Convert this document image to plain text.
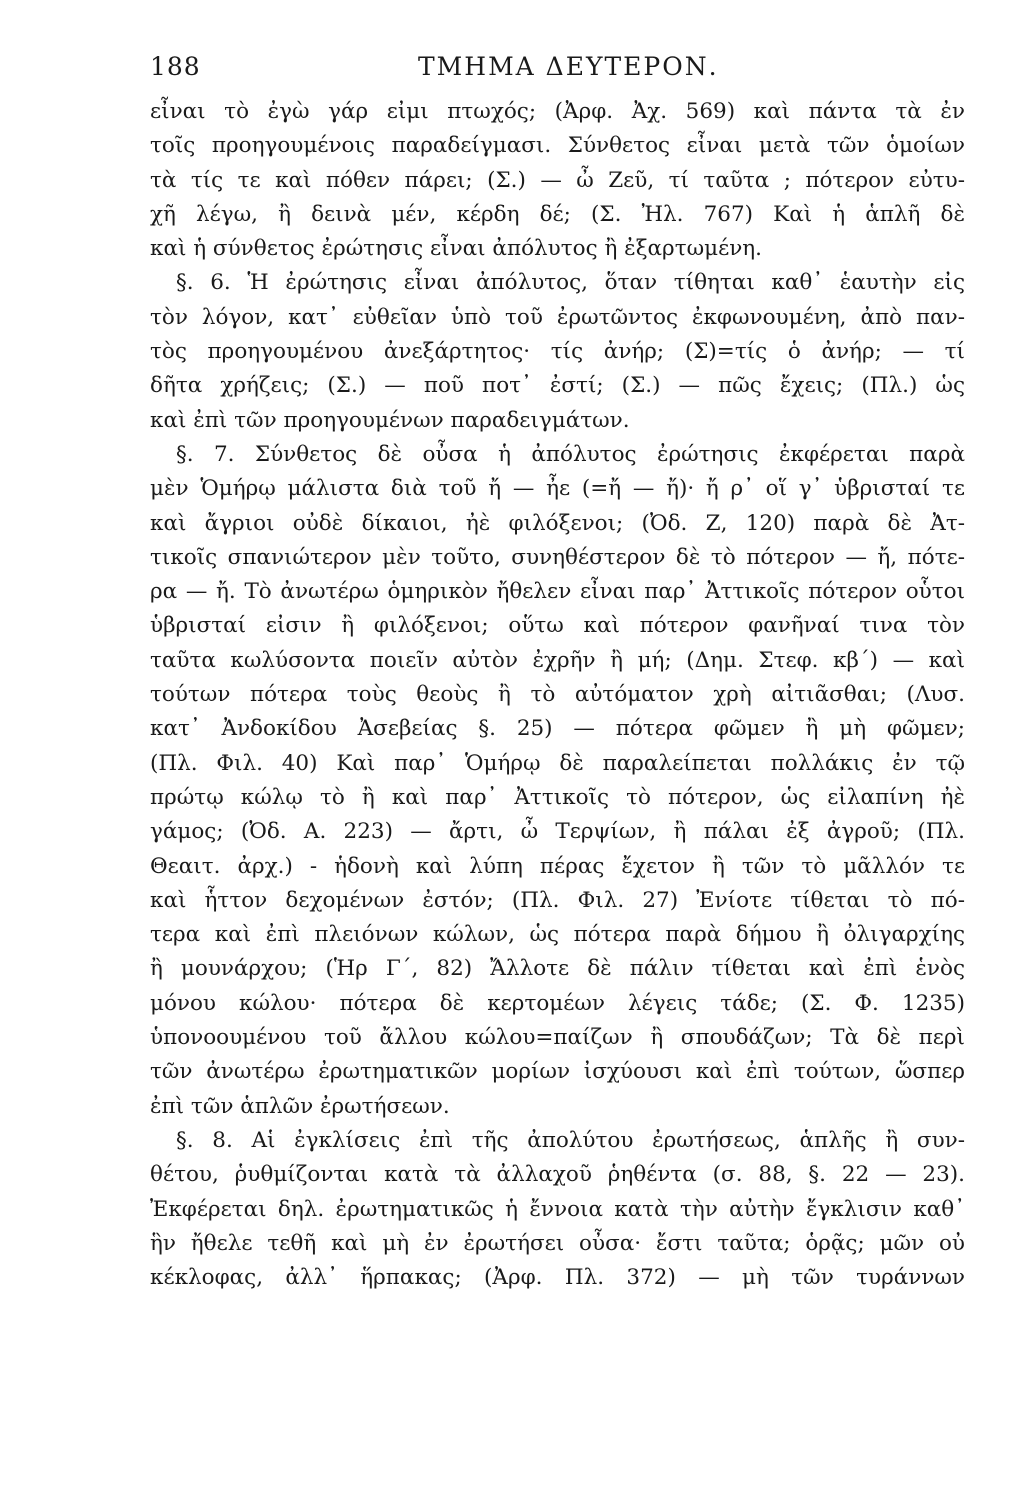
188	ΤΜΗΜΑ ΔΕΥΤΕΡΟΝ.
εἶναι τὸ ἐγὼ γάρ εἰμι πτωχός; (Ἀρφ. Ἀχ. 569) καὶ πάντα τὰ ἐν
τοῖς προηγουμένοις παραδείγμασι. Σύνθετος εἶναι μετὰ τῶν ὁμοίων
τὰ τίς τε καὶ πόθεν πάρει; (Σ.) — ὦ Ζεῦ, τί ταῦτα ; πότερον εὐτυ-
χῆ λέγω, ἢ δεινὰ μέν, κέρδη δέ; (Σ. Ἠλ. 767) Καὶ ἡ ἁπλῆ δὲ
καὶ ἡ σύνθετος ἐρώτησις εἶναι ἀπόλυτος ἢ ἐξαρτωμένη.
§. 6. Ἡ ἐρώτησις εἶναι ἀπόλυτος, ὅταν τίθηται καθ᾽ ἑαυτὴν εἰς
τὸν λόγον, κατ᾽ εὐθεῖαν ὑπὸ τοῦ ἐρωτῶντος ἐκφωνουμένη, ἀπὸ παν-
τὸς προηγουμένου ἀνεξάρτητος· τίς ἀνήρ; (Σ)=τίς ὁ ἀνήρ; — τί
δῆτα χρήζεις; (Σ.) — ποῦ ποτ᾽ ἐστί; (Σ.) — πῶς ἔχεις; (Πλ.) ὡς
καὶ ἐπὶ τῶν προηγουμένων παραδειγμάτων.
§. 7. Σύνθετος δὲ οὖσα ἡ ἀπόλυτος ἐρώτησις ἐκφέρεται παρὰ
μὲν Ὁμήρῳ μάλιστα διὰ τοῦ ἤ — ἦε (=ἤ — ἤ)· ἤ ρ᾽ οἵ γ᾽ ὑβρισταί τε
καὶ ἄγριοι οὐδὲ δίκαιοι, ἠὲ φιλόξενοι; (Ὀδ. Ζ, 120) παρὰ δὲ Ἀτ-
τικοῖς σπανιώτερον μὲν τοῦτο, συνηθέστερον δὲ τὸ πότερον — ἤ, πότε-
ρα — ἤ. Τὸ ἀνωτέρω ὁμηρικὸν ἤθελεν εἶναι παρ᾽ Ἀττικοῖς πότερον οὗτοι
ὑβρισταί εἰσιν ἢ φιλόξενοι; οὕτω καὶ πότερον φανῆναί τινα τὸν
ταῦτα κωλύσοντα ποιεῖν αὐτὸν ἐχρῆν ἢ μή; (Δημ. Στεφ. κβ΄) — καὶ
τούτων πότερα τοὺς θεοὺς ἢ τὸ αὐτόματον χρὴ αἰτιᾶσθαι; (Λυσ.
κατ᾽ Ἀνδοκίδου Ἀσεβείας §. 25) — πότερα φῶμεν ἢ μὴ φῶμεν;
(Πλ. Φιλ. 40) Καὶ παρ᾽ Ὁμήρῳ δὲ παραλείπεται πολλάκις ἐν τῷ
πρώτῳ κώλῳ τὸ ἢ καὶ παρ᾽ Ἀττικοῖς τὸ πότερον, ὡς εἰλαπίνη ἠὲ
γάμος; (Ὀδ. Α. 223) — ἄρτι, ὦ Τερψίων, ἢ πάλαι ἐξ ἀγροῦ; (Πλ.
Θεαιτ. ἀρχ.) - ἡδονὴ καὶ λύπη πέρας ἔχετον ἢ τῶν τὸ μᾶλλόν τε
καὶ ἧττον δεχομένων ἐστόν; (Πλ. Φιλ. 27) Ἐνίοτε τίθεται τὸ πό-
τερα καὶ ἐπὶ πλειόνων κώλων, ὡς πότερα παρὰ δήμου ἢ ὀλιγαρχίης
ἢ μουνάρχου; (Ἡρ Γ΄, 82) Ἄλλοτε δὲ πάλιν τίθεται καὶ ἐπὶ ἑνὸς
μόνου κώλου· πότερα δὲ κερτομέων λέγεις τάδε; (Σ. Φ. 1235)
ὑπονοουμένου τοῦ ἄλλου κώλου=παίζων ἢ σπουδάζων; Τὰ δὲ περὶ
τῶν ἀνωτέρω ἐρωτηματικῶν μορίων ἰσχύουσι καὶ ἐπὶ τούτων, ὥσπερ
ἐπὶ τῶν ἁπλῶν ἐρωτήσεων.
§. 8. Αἱ ἐγκλίσεις ἐπὶ τῆς ἀπολύτου ἐρωτήσεως, ἁπλῆς ἢ συν-
θέτου, ῥυθμίζονται κατὰ τὰ ἀλλαχοῦ ῥηθέντα (σ. 88, §. 22 — 23).
Ἐκφέρεται δηλ. ἐρωτηματικῶς ἡ ἔννοια κατὰ τὴν αὐτὴν ἔγκλισιν καθ᾽
ἣν ἤθελε τεθῆ καὶ μὴ ἐν ἐρωτήσει οὖσα· ἔστι ταῦτα; ὁρᾷς; μῶν οὐ
κέκλοφας, ἀλλ᾽ ἥρπακας; (Ἀρφ. Πλ. 372) — μὴ τῶν τυράννων
